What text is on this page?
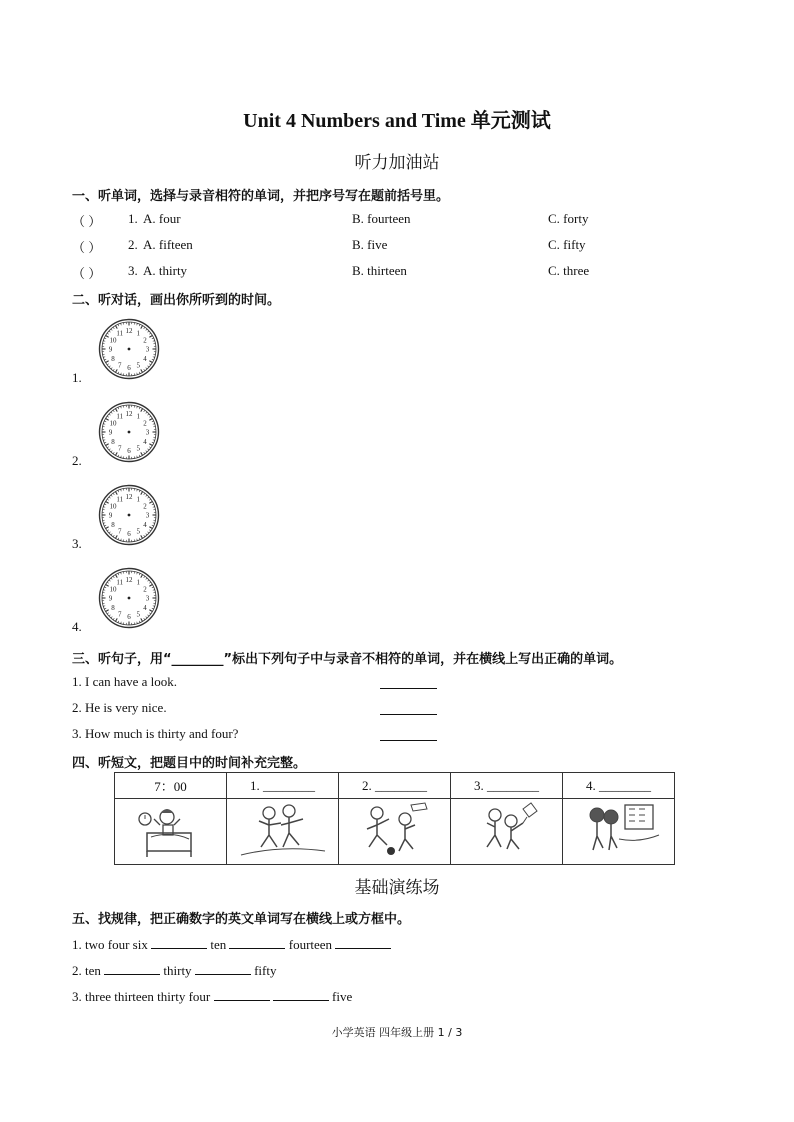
Unit 4 Numbers and Time 单元测试
听力加油站
一、听单词，选择与录音相符的单词，并把序号写在题前括号里。
（ ） 1. A. four	B. fourteen	C. forty
（ ） 2. A. fifteen	B. five	C. fifty
（ ） 3. A. thirty	B. thirteen	C. three
二、听对话，画出你所听到的时间。
1.
12 1
2
3
4
5
6
7
8
9
10
11
2.
12 1
2
3
4
5
6
7
8
9
10
11
3.
12 1
2
3
4
5
6
7
8
9
10
11
4.
12 1
2
3
4
5
6
7
8
9
10
11
三、听句子，用“________”标出下列句子中与录音不相符的单词，并在横线上写出正确的单词。
1. I can have a look.
2. He is very nice.
3. How much is thirty and four?
四、听短文，把题目中的时间补充完整。
7：00	1. ________	2. ________	3. ________	4. ________

基础演练场
五、找规律，把正确数字的英文单词写在横线上或方框中。
1. two four six	ten	fourteen
2. ten	thirty	fifty
3. three thirteen thirty four	five
小学英语 四年级上册 1 / 3
